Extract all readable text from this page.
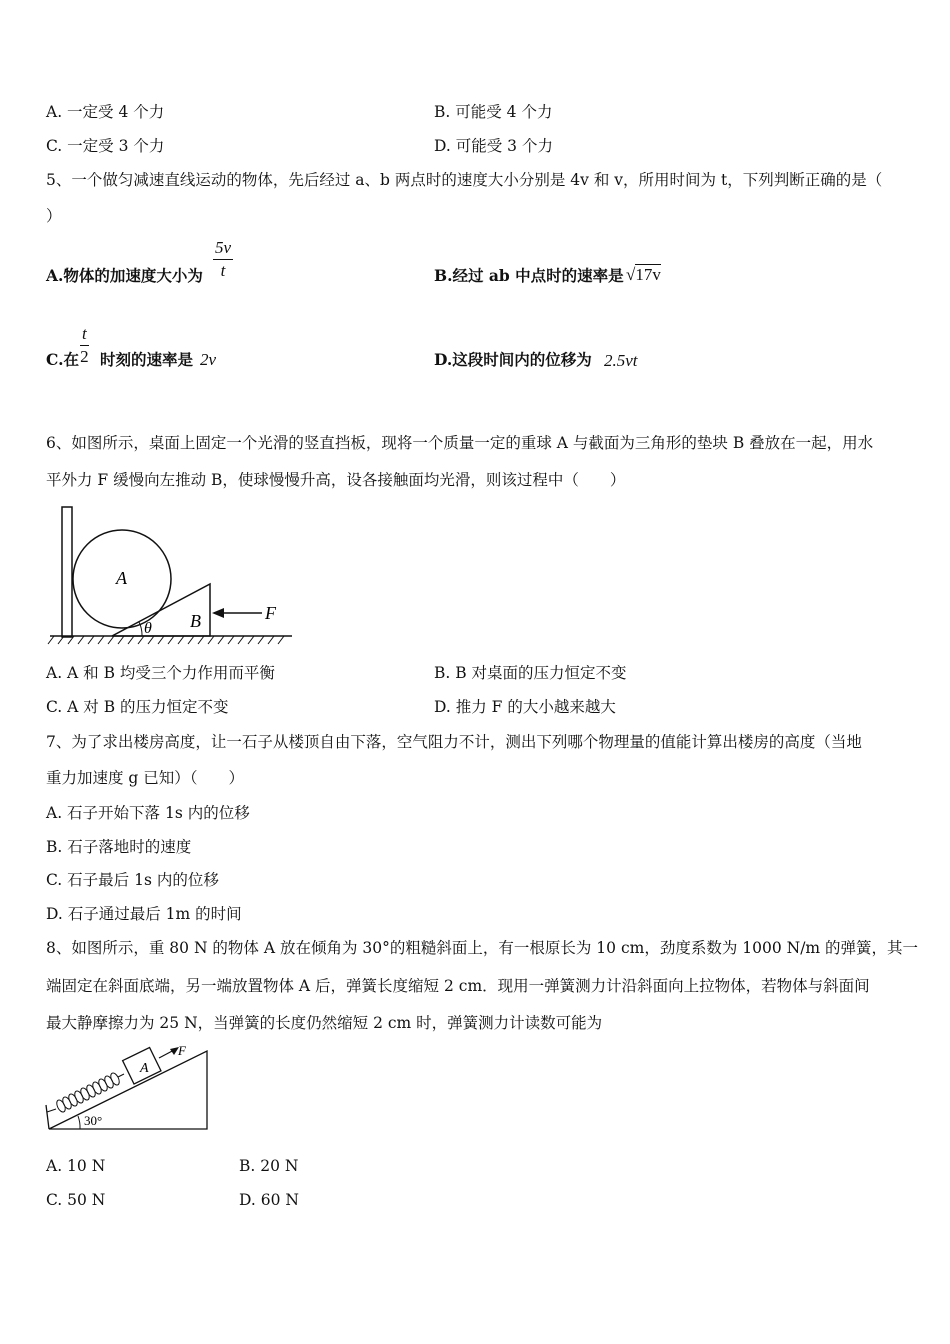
A. 一定受 4 个力	B. 可能受 4 个力
C. 一定受 3 个力	D. 可能受 3 个力
5、一个做匀减速直线运动的物体，先后经过 a、b 两点时的速度大小分别是 4v 和 v，所用时间为 t，下列判断正确的是（
）
A.物体的加速度大小为
5v
t	B.经过 ab 中点时的速率是 √17v
C.在
t
2 时刻的速率是 2v	D.这段时间内的位移为 2.5vt
6、如图所示，桌面上固定一个光滑的竖直挡板，现将一个质量一定的重球 A 与截面为三角形的垫块 B 叠放在一起，用水
平外力 F 缓慢向左推动 B，使球慢慢升高，设各接触面均光滑，则该过程中（　　）
A
B	F
θ
A. A 和 B 均受三个力作用而平衡	B. B 对桌面的压力恒定不变
C. A 对 B 的压力恒定不变	D. 推力 F 的大小越来越大
7、为了求出楼房高度，让一石子从楼顶自由下落，空气阻力不计，测出下列哪个物理量的值能计算出楼房的高度（当地
重力加速度 g 已知）（　　）
A. 石子开始下落 1s 内的位移
B. 石子落地时的速度
C. 石子最后 1s 内的位移
D. 石子通过最后 1m 的时间
8、如图所示，重 80 N 的物体 A 放在倾角为 30°的粗糙斜面上，有一根原长为 10 cm，劲度系数为 1000 N/m 的弹簧，其一
端固定在斜面底端，另一端放置物体 A 后，弹簧长度缩短 2 cm．现用一弹簧测力计沿斜面向上拉物体，若物体与斜面间
最大静摩擦力为 25 N，当弹簧的长度仍然缩短 2 cm 时，弹簧测力计读数可能为
A
F
30°
A. 10 N	B. 20 N
C. 50 N	D. 60 N
